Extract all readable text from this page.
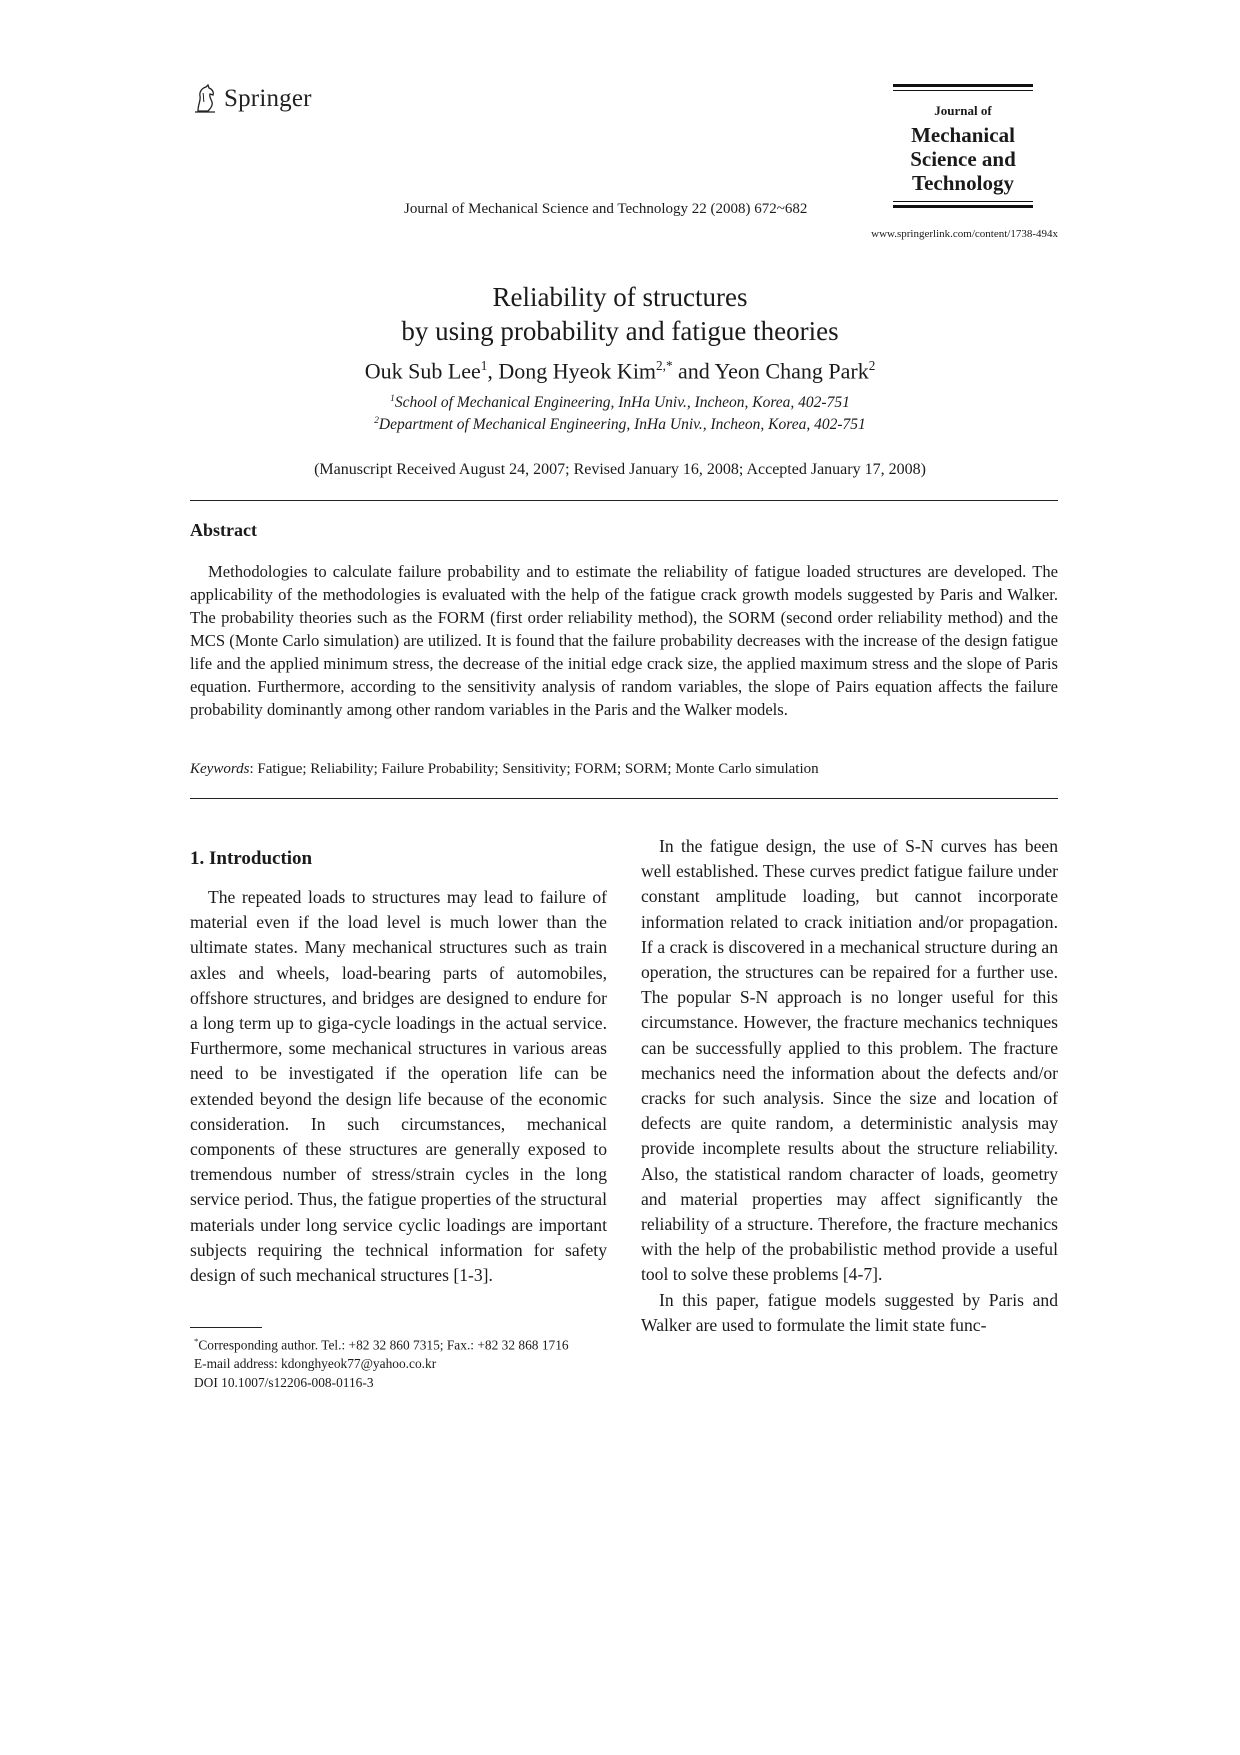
Springer	Journal of
Mechanical
Science and
Technology
Journal of Mechanical Science and Technology 22 (2008) 672~682
www.springerlink.com/content/1738-494x
Reliability of structures
by using probability and fatigue theories
Ouk Sub Lee$^1$, Dong Hyeok Kim$^{2,*}$ and Yeon Chang Park$^2$
$^1$School of Mechanical Engineering, InHa Univ., Incheon, Korea, 402-751
$^2$Department of Mechanical Engineering, InHa Univ., Incheon, Korea, 402-751
(Manuscript Received August 24, 2007; Revised January 16, 2008; Accepted January 17, 2008)
Abstract
Methodologies to calculate failure probability and to estimate the reliability of fatigue loaded structures are developed. The applicability of the methodologies is evaluated with the help of the fatigue crack growth models suggested by Paris and Walker. The probability theories such as the FORM (first order reliability method), the SORM (second order reliability method) and the MCS (Monte Carlo simulation) are utilized. It is found that the failure probability decreases with the increase of the design fatigue life and the applied minimum stress, the decrease of the initial edge crack size, the applied maximum stress and the slope of Paris equation. Furthermore, according to the sensitivity analysis of random variables, the slope of Pairs equation affects the failure probability dominantly among other random variables in the Paris and the Walker models.
Keywords: Fatigue; Reliability; Failure Probability; Sensitivity; FORM; SORM; Monte Carlo simulation
1. Introduction

The repeated loads to structures may lead to failure of material even if the load level is much lower than the ultimate states. Many mechanical structures such as train axles and wheels, load-bearing parts of automobiles, offshore structures, and bridges are designed to endure for a long term up to giga-cycle loadings in the actual service. Furthermore, some mechanical structures in various areas need to be investigated if the operation life can be extended beyond the design life because of the economic consideration. In such circumstances, mechanical components of these structures are generally exposed to tremendous number of stress/strain cycles in the long service period. Thus, the fatigue properties of the structural materials under long service cyclic loadings are important subjects requiring the technical information for safety design of such mechanical structures [1-3].

In the fatigue design, the use of S-N curves has been well established. These curves predict fatigue failure under constant amplitude loading, but cannot incorporate information related to crack initiation and/or propagation. If a crack is discovered in a mechanical structure during an operation, the structures can be repaired for a further use. The popular S-N approach is no longer useful for this circumstance. However, the fracture mechanics techniques can be successfully applied to this problem. The fracture mechanics need the information about the defects and/or cracks for such analysis. Since the size and location of defects are quite random, a deterministic analysis may provide incomplete results about the structure reliability. Also, the statistical random character of loads, geometry and material properties may affect significantly the reliability of a structure. Therefore, the fracture mechanics with the help of the probabilistic method provide a useful tool to solve these problems [4-7].

In this paper, fatigue models suggested by Paris and Walker are used to formulate the limit state func-

*Corresponding author. Tel.: +82 32 860 7315; Fax.: +82 32 868 1716
E-mail address: kdonghyeok77@yahoo.co.kr
DOI 10.1007/s12206-008-0116-3
